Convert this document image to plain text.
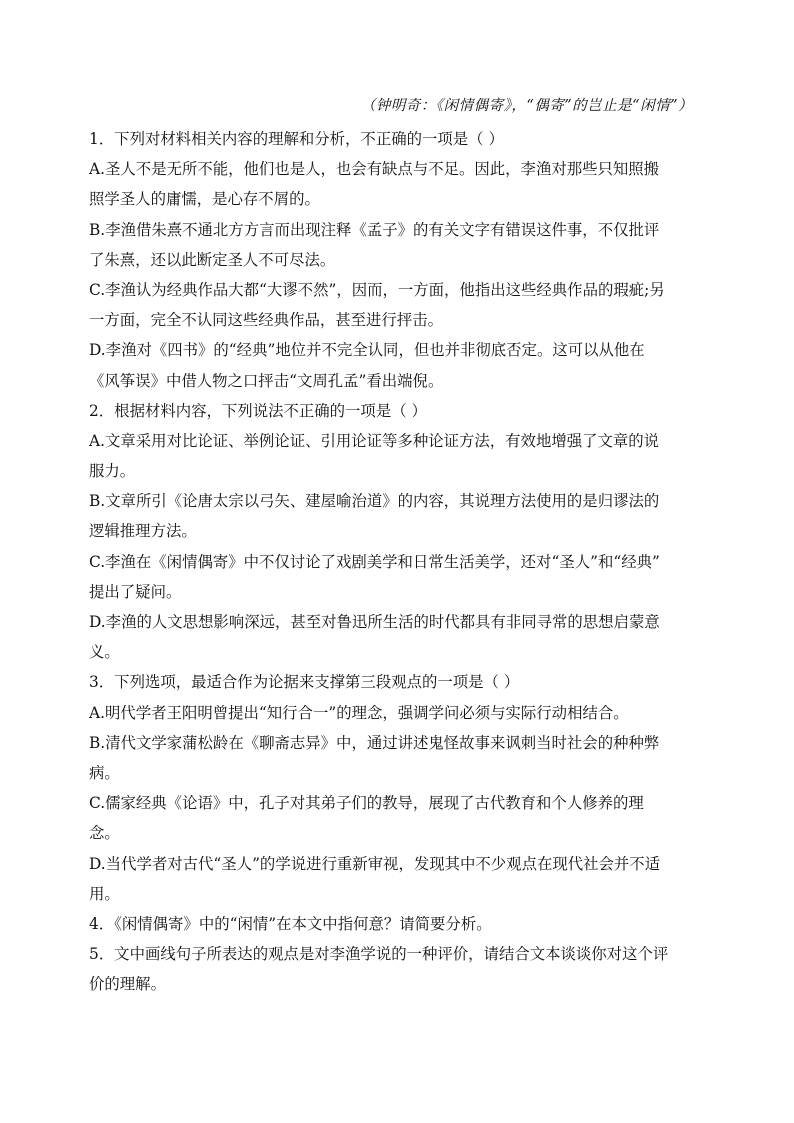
（钟明奇：《闲情偶寄》，“偶寄”的岂止是“闲情”）
1．下列对材料相关内容的理解和分析，不正确的一项是（ ）
A.圣人不是无所不能，他们也是人，也会有缺点与不足。因此，李渔对那些只知照搬
照学圣人的庸懦，是心存不屑的。
B.李渔借朱熹不通北方方言而出现注释《孟子》的有关文字有错误这件事，不仅批评
了朱熹，还以此断定圣人不可尽法。
C.李渔认为经典作品大都“大谬不然”，因而，一方面，他指出这些经典作品的瑕疵;另
一方面，完全不认同这些经典作品，甚至进行抨击。
D.李渔对《四书》的“经典”地位并不完全认同，但也并非彻底否定。这可以从他在
《风筝误》中借人物之口抨击“文周孔孟”看出端倪。
2．根据材料内容，下列说法不正确的一项是（ ）
A.文章采用对比论证、举例论证、引用论证等多种论证方法，有效地增强了文章的说
服力。
B.文章所引《论唐太宗以弓矢、建屋喻治道》的内容，其说理方法使用的是归谬法的
逻辑推理方法。
C.李渔在《闲情偶寄》中不仅讨论了戏剧美学和日常生活美学，还对“圣人”和“经典”
提出了疑问。
D.李渔的人文思想影响深远，甚至对鲁迅所生活的时代都具有非同寻常的思想启蒙意
义。
3．下列选项，最适合作为论据来支撑第三段观点的一项是（ ）
A.明代学者王阳明曾提出“知行合一”的理念，强调学问必须与实际行动相结合。
B.清代文学家蒲松龄在《聊斋志异》中，通过讲述鬼怪故事来讽刺当时社会的种种弊
病。
C.儒家经典《论语》中，孔子对其弟子们的教导，展现了古代教育和个人修养的理
念。
D.当代学者对古代“圣人”的学说进行重新审视，发现其中不少观点在现代社会并不适
用。
4．《闲情偶寄》中的“闲情”在本文中指何意？请简要分析。
5．文中画线句子所表达的观点是对李渔学说的一种评价，请结合文本谈谈你对这个评
价的理解。
